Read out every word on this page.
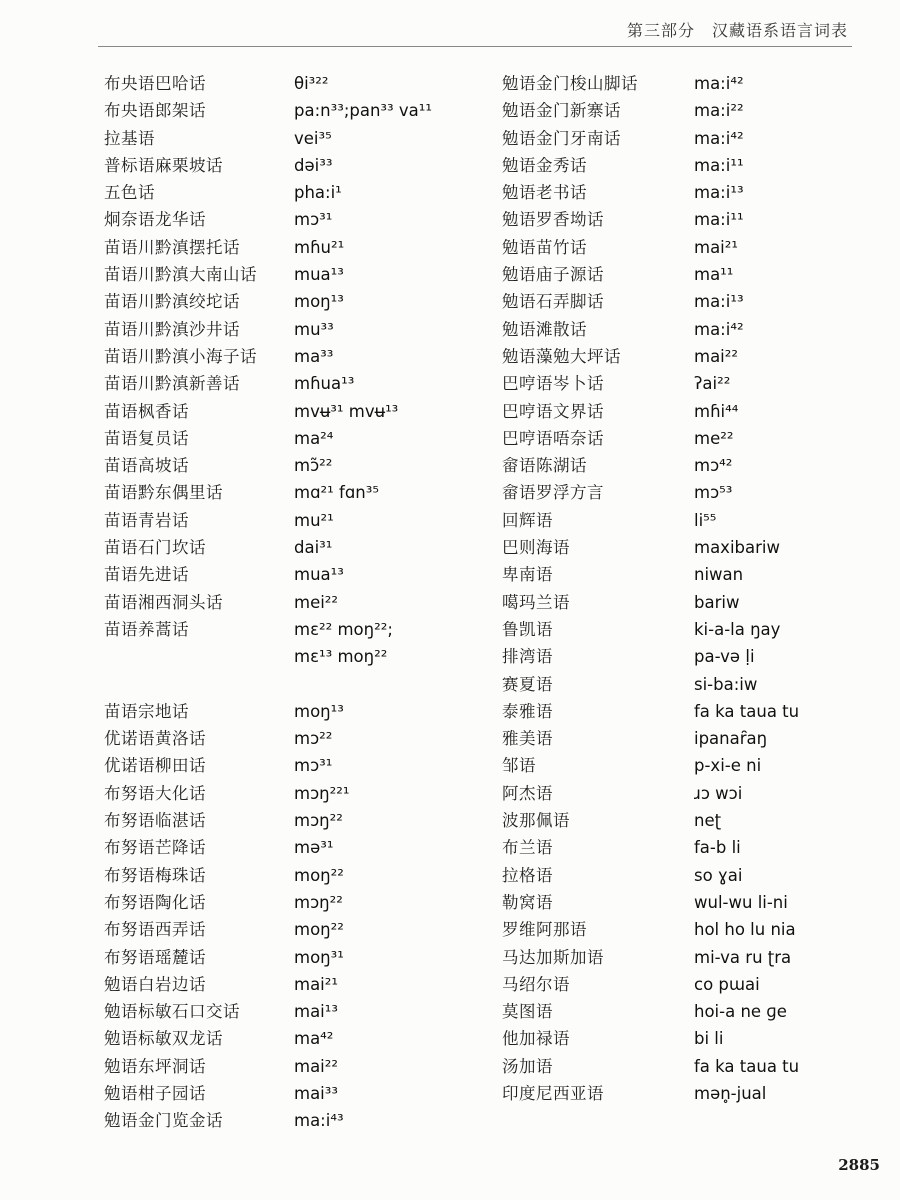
第三部分　汉藏语系语言词表
布央语巴哈话	θi³²²
布央语郎架话	pa:n³³;pan³³ va¹¹
拉基语	vei³⁵
普标语麻栗坡话	dəi³³
五色话	pha:i¹
炯奈语龙华话	mɔ³¹
苗语川黔滇摆托话	mɦu²¹
苗语川黔滇大南山话	mua¹³
苗语川黔滇绞坨话	moŋ¹³
苗语川黔滇沙井话	mu³³
苗语川黔滇小海子话	ma³³
苗语川黔滇新善话	mɦua¹³
苗语枫香话	mvʉ³¹ mvʉ¹³
苗语复员话	ma²⁴
苗语高坡话	mɔ̃²²
苗语黔东偶里话	mɑ²¹ fɑn³⁵
苗语青岩话	mu²¹
苗语石门坎话	dai³¹
苗语先进话	mua¹³
苗语湘西洞头话	mei²²
苗语养蒿话	mɛ²² moŋ²²;
mɛ¹³ moŋ²²
苗语宗地话	moŋ¹³
优诺语黄洛话	mɔ²²
优诺语柳田话	mɔ³¹
布努语大化话	mɔŋ²²¹
布努语临湛话	mɔŋ²²
布努语芒降话	mə³¹
布努语梅珠话	moŋ²²
布努语陶化话	mɔŋ²²
布努语西弄话	moŋ²²
布努语瑶麓话	moŋ³¹
勉语白岩边话	mai²¹
勉语标敏石口交话	mai¹³
勉语标敏双龙话	ma⁴²
勉语东坪洞话	mai²²
勉语柑子园话	mai³³
勉语金门览金话	ma:i⁴³
勉语金门梭山脚话	ma:i⁴²
勉语金门新寨话	ma:i²²
勉语金门牙南话	ma:i⁴²
勉语金秀话	ma:i¹¹
勉语老书话	ma:i¹³
勉语罗香坳话	ma:i¹¹
勉语苗竹话	mai²¹
勉语庙子源话	ma¹¹
勉语石弄脚话	ma:i¹³
勉语滩散话	ma:i⁴²
勉语藻勉大坪话	mai²²
巴哼语岑卜话	ʔai²²
巴哼语文界话	mɦi⁴⁴
巴哼语唔奈话	me²²
畲语陈湖话	mɔ⁴²
畲语罗浮方言	mɔ⁵³
回辉语	li⁵⁵
巴则海语	maxibariw
卑南语	niwan
噶玛兰语	bariw
鲁凯语	ki-a-la ŋay
排湾语	pa-və ḷi
赛夏语	si-ba:iw
泰雅语	fa ka taua tu
雅美语	ipanaȓaŋ
邹语	p-xi-e ni
阿杰语	ɹɔ wɔi
波那佩语	neʈ
布兰语	fa-b li
拉格语	so ɣai
勒窝语	wul-wu li-ni
罗维阿那语	hol ho lu nia
马达加斯加语	mi-va ru ʈra
马绍尔语	co pɯai
莫图语	hoi-a ne ɡe
他加禄语	bi li
汤加语	fa ka taua tu
印度尼西亚语	mən̥-jual
2885
